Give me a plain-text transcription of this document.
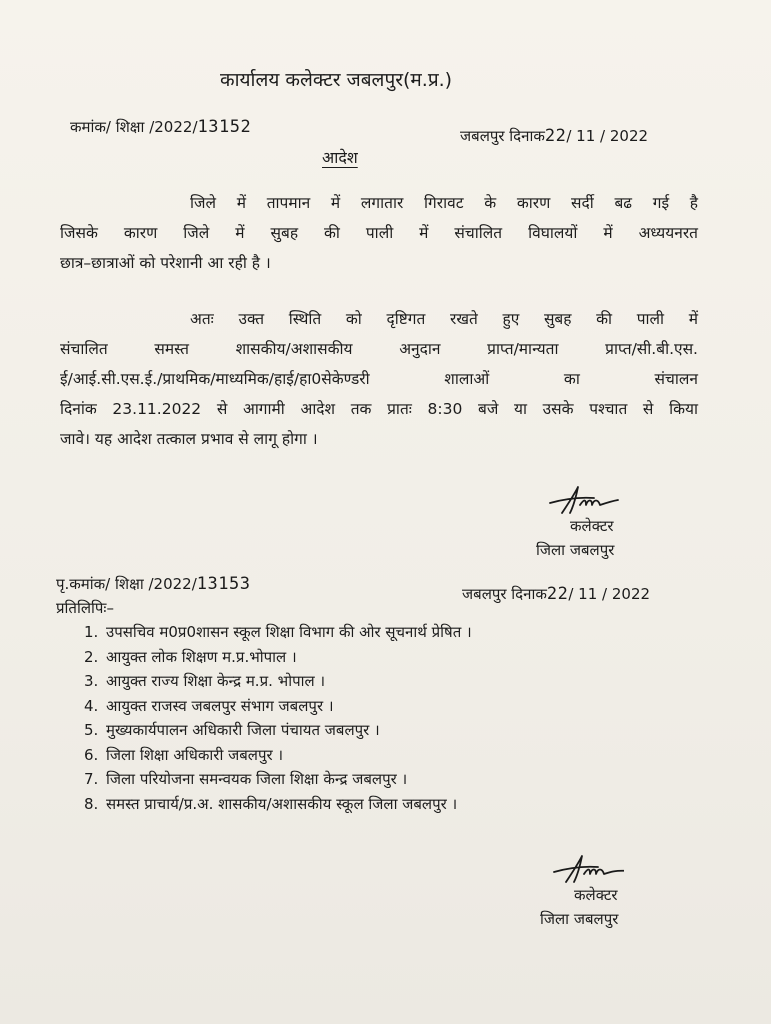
कार्यालय कलेक्टर जबलपुर(म.प्र.)
कमांक/ शिक्षा /2022/13152	जबलपुर दिनाक22/ 11 / 2022
आदेश
जिले में तापमान में लगातार गिरावट के कारण सर्दी बढ गई है
जिसके कारण जिले में सुबह की पाली में संचालित विघालयों में अध्ययनरत
छात्र–छात्राओं को परेशानी आ रही है ।
अतः उक्त स्थिति को दृष्टिगत रखते हुए सुबह की पाली में
संचालित समस्त शासकीय/अशासकीय अनुदान प्राप्त/मान्यता प्राप्त/सी.बी.एस.
ई/आई.सी.एस.ई./प्राथमिक/माध्यमिक/हाई/हा0सेकेण्डरी शालाओं का संचालन
दिनांक 23.11.2022 से आगामी आदेश तक प्रातः 8:30 बजे या उसके पश्चात से किया
जावे। यह आदेश तत्काल प्रभाव से लागू होगा ।
कलेक्टर
जिला जबलपुर
पृ.कमांक/ शिक्षा /2022/13153	जबलपुर दिनाक22/ 11 / 2022
प्रतिलिपिः–
1. उपसचिव म0प्र0शासन स्कूल शिक्षा विभाग की ओर सूचनार्थ प्रेषित ।
2. आयुक्त लोक शिक्षण म.प्र.भोपाल ।
3. आयुक्त राज्य शिक्षा केन्द्र म.प्र. भोपाल ।
4. आयुक्त राजस्व जबलपुर संभाग जबलपुर ।
5. मुख्यकार्यपालन अधिकारी जिला पंचायत जबलपुर ।
6. जिला शिक्षा अधिकारी जबलपुर ।
7. जिला परियोजना समन्वयक जिला शिक्षा केन्द्र जबलपुर ।
8. समस्त प्राचार्य/प्र.अ. शासकीय/अशासकीय स्कूल जिला जबलपुर ।
कलेक्टर
जिला जबलपुर
